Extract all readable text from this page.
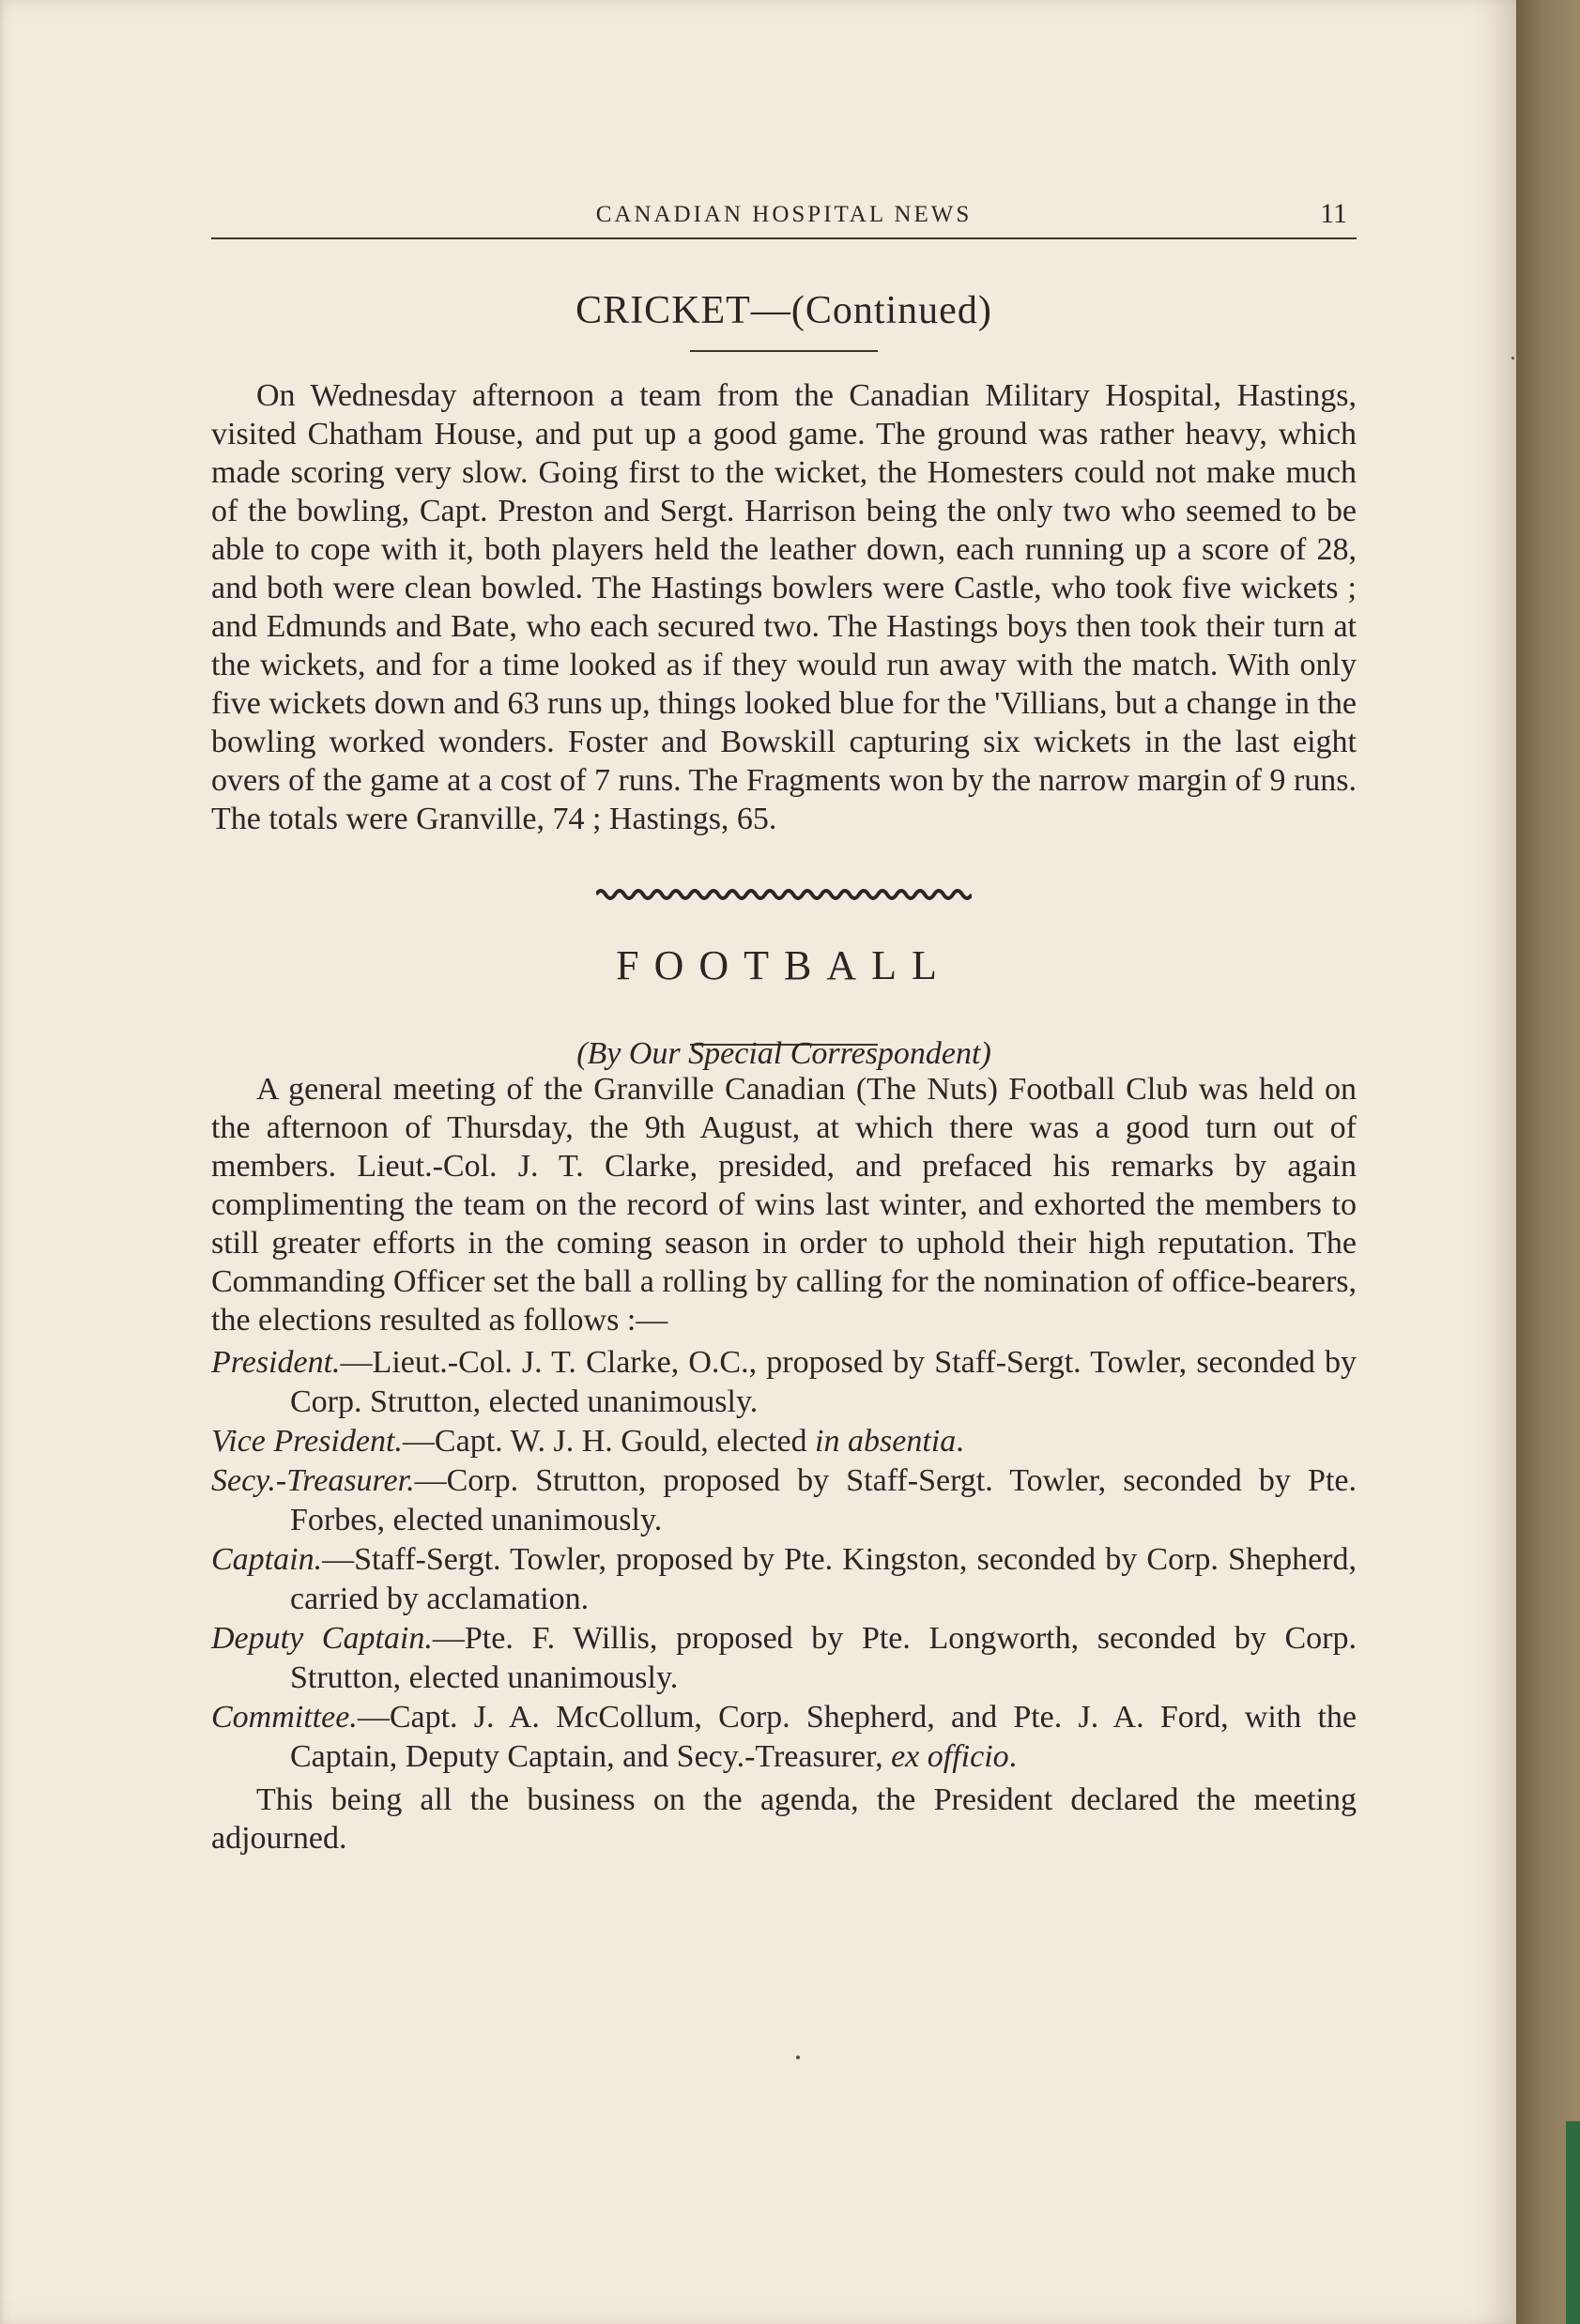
CANADIAN HOSPITAL NEWS	11
CRICKET—(Continued)

On Wednesday afternoon a team from the Canadian Military Hospital, Hastings, visited Chatham House, and put up a good game. The ground was rather heavy, which made scoring very slow. Going first to the wicket, the Homesters could not make much of the bowling, Capt. Preston and Sergt. Harrison being the only two who seemed to be able to cope with it, both players held the leather down, each running up a score of 28, and both were clean bowled. The Hastings bowlers were Castle, who took five wickets ; and Edmunds and Bate, who each secured two. The Hastings boys then took their turn at the wickets, and for a time looked as if they would run away with the match. With only five wickets down and 63 runs up, things looked blue for the 'Villians, but a change in the bowling worked wonders. Foster and Bowskill capturing six wickets in the last eight overs of the game at a cost of 7 runs. The Fragments won by the narrow margin of 9 runs. The totals were Granville, 74 ; Hastings, 65.

FOOTBALL
(By Our Special Correspondent)

A general meeting of the Granville Canadian (The Nuts) Football Club was held on the afternoon of Thursday, the 9th August, at which there was a good turn out of members. Lieut.-Col. J. T. Clarke, presided, and prefaced his remarks by again complimenting the team on the record of wins last winter, and exhorted the members to still greater efforts in the coming season in order to uphold their high reputation. The Commanding Officer set the ball a rolling by calling for the nomination of office-bearers, the elections resulted as follows :—

President.—Lieut.-Col. J. T. Clarke, O.C., proposed by Staff-Sergt. Towler, seconded by Corp. Strutton, elected unanimously.
Vice President.—Capt. W. J. H. Gould, elected in absentia.
Secy.-Treasurer.—Corp. Strutton, proposed by Staff-Sergt. Towler, seconded by Pte. Forbes, elected unanimously.
Captain.—Staff-Sergt. Towler, proposed by Pte. Kingston, seconded by Corp. Shepherd, carried by acclamation.
Deputy Captain.—Pte. F. Willis, proposed by Pte. Longworth, seconded by Corp. Strutton, elected unanimously.
Committee.—Capt. J. A. McCollum, Corp. Shepherd, and Pte. J. A. Ford, with the Captain, Deputy Captain, and Secy.-Treasurer, ex officio.

This being all the business on the agenda, the President declared the meeting adjourned.
